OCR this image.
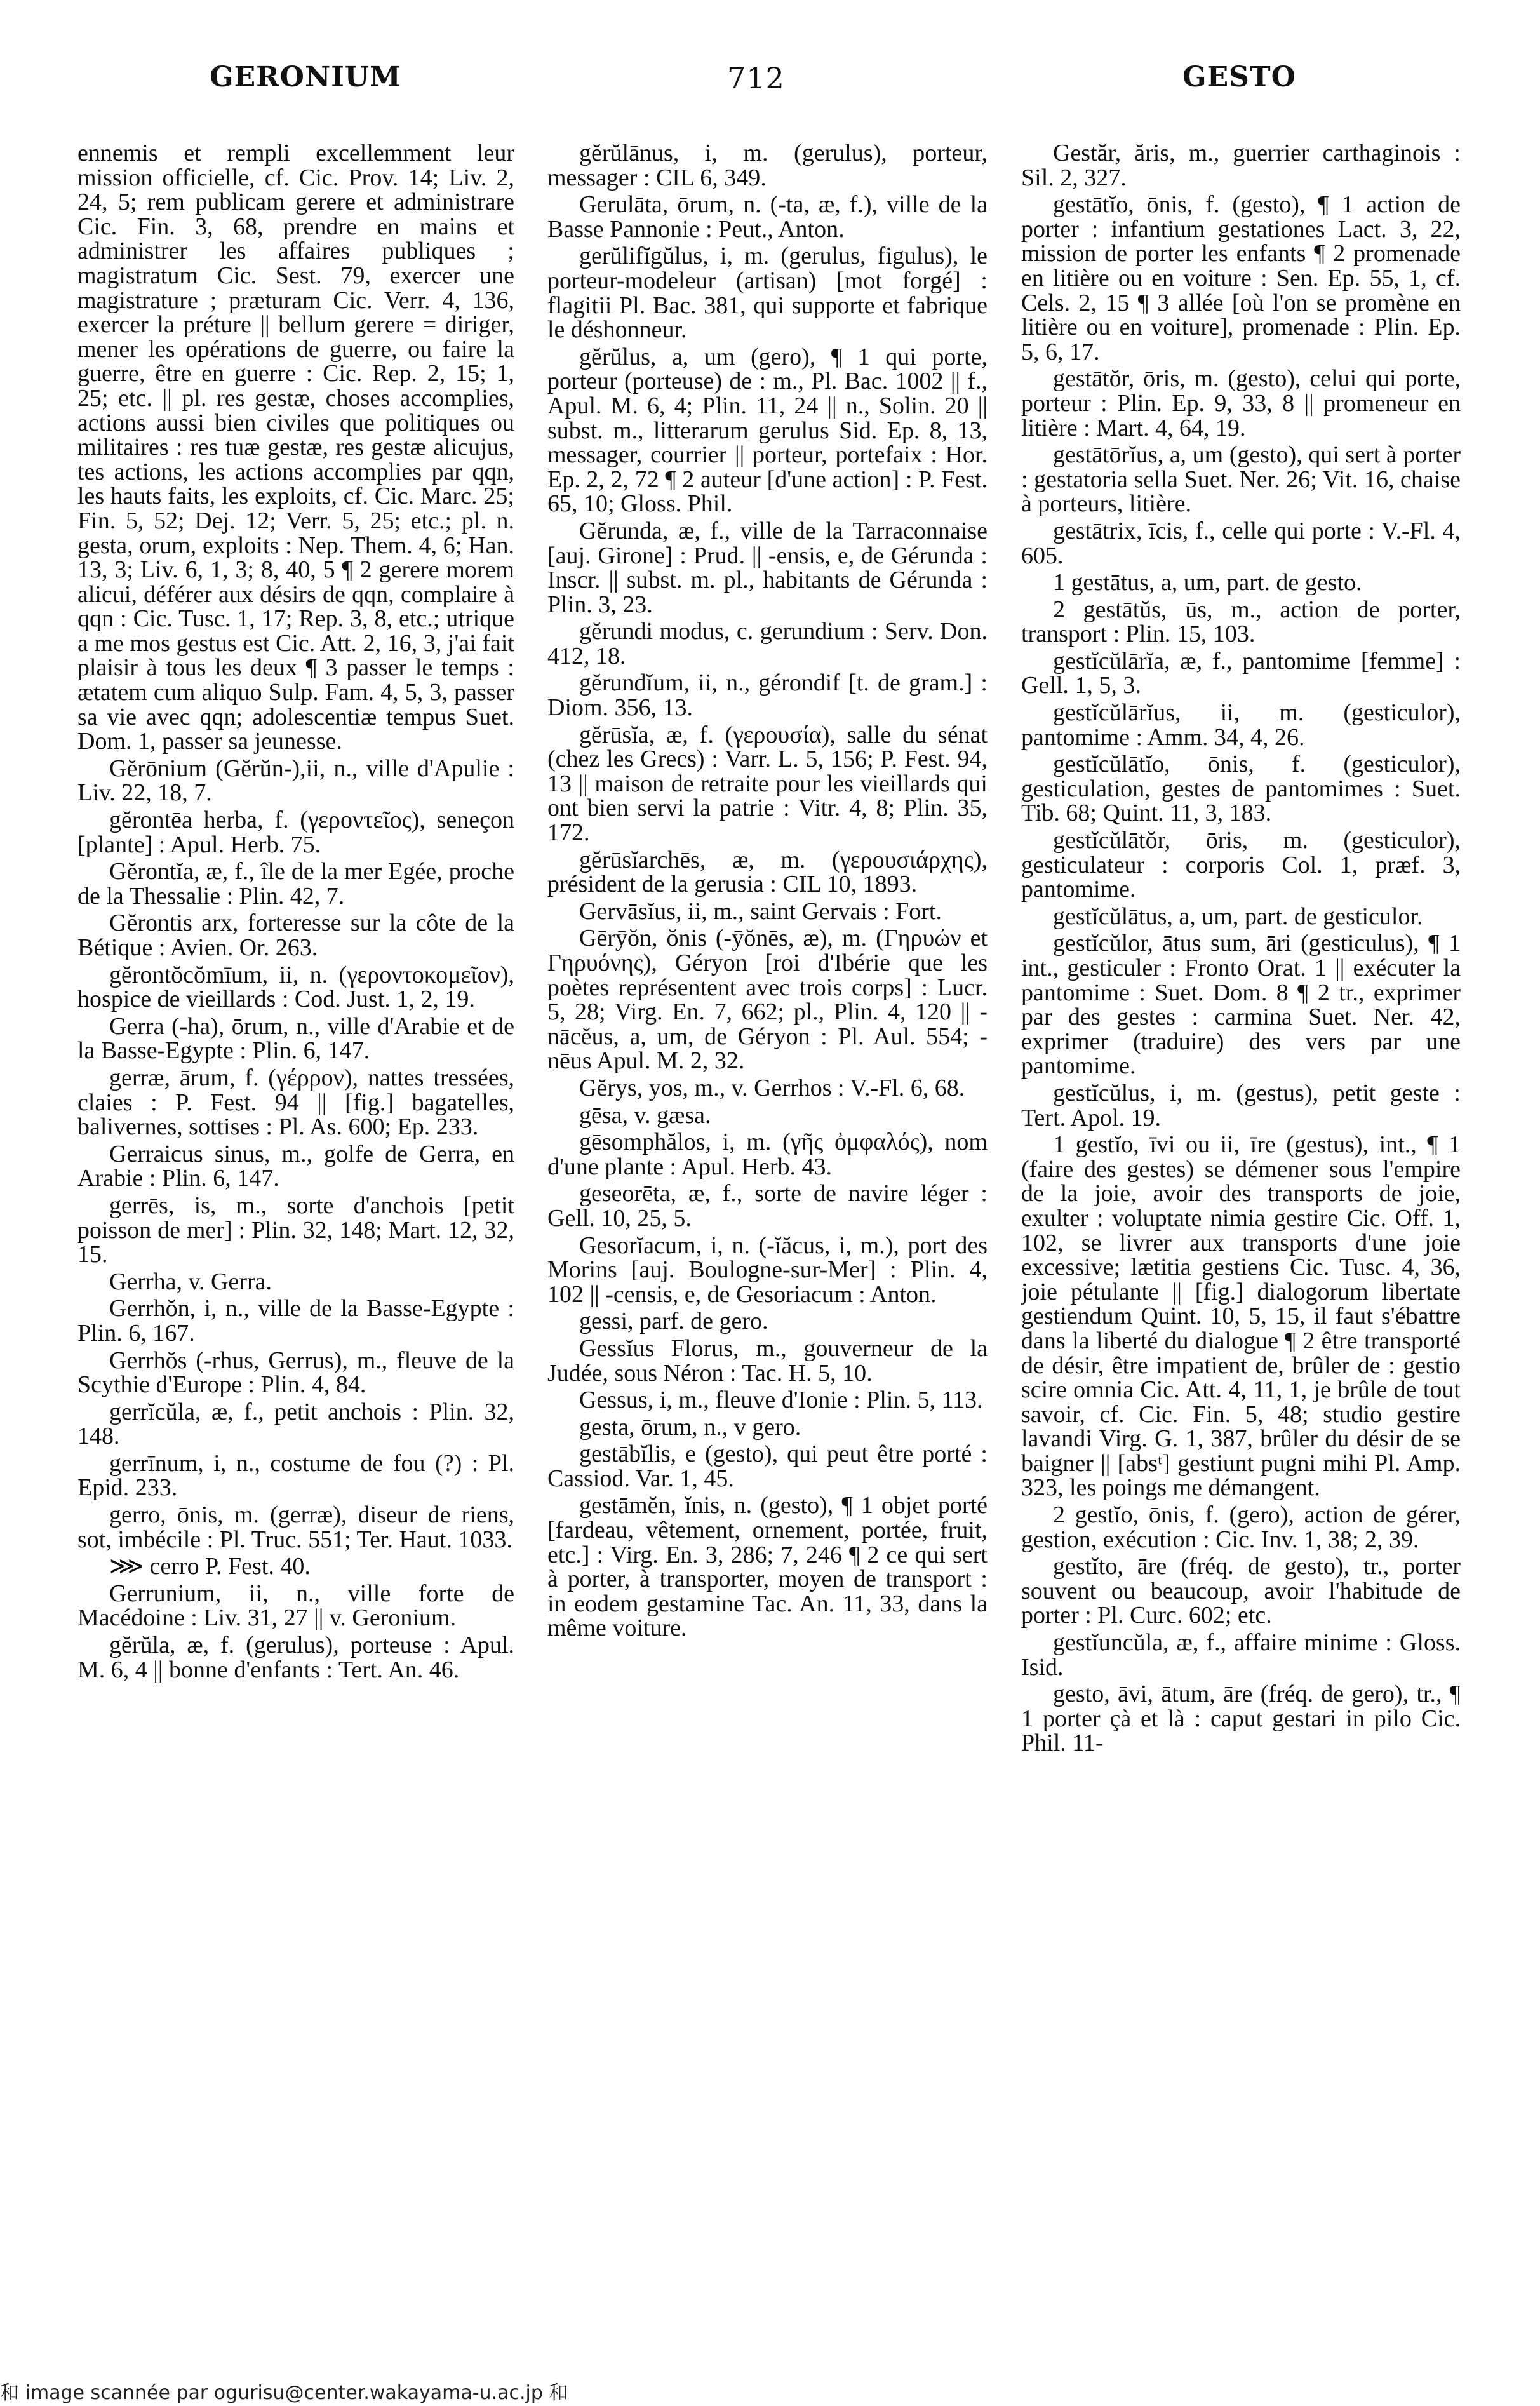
GERONIUM	712	GESTO

ennemis et rempli excellemment leur mission officielle, cf. Cic. Prov. 14; Liv. 2, 24, 5; rem publicam gerere et administrare Cic. Fin. 3, 68, prendre en mains et administrer les affaires publiques ; magistratum Cic. Sest. 79, exercer une magistrature ; præturam Cic. Verr. 4, 136, exercer la préture || bellum gerere = diriger, mener les opérations de guerre, ou faire la guerre, être en guerre : Cic. Rep. 2, 15; 1, 25; etc. || pl. res gestæ, choses accomplies, actions aussi bien civiles que politiques ou militaires : res tuæ gestæ, res gestæ alicujus, tes actions, les actions accomplies par qqn, les hauts faits, les exploits, cf. Cic. Marc. 25; Fin. 5, 52; Dej. 12; Verr. 5, 25; etc.; pl. n. gesta, orum, exploits : Nep. Them. 4, 6; Han. 13, 3; Liv. 6, 1, 3; 8, 40, 5 ¶ 2 gerere morem alicui, déférer aux désirs de qqn, complaire à qqn : Cic. Tusc. 1, 17; Rep. 3, 8, etc.; utrique a me mos gestus est Cic. Att. 2, 16, 3, j'ai fait plaisir à tous les deux ¶ 3 passer le temps : ætatem cum aliquo Sulp. Fam. 4, 5, 3, passer sa vie avec qqn; adolescentiæ tempus Suet. Dom. 1, passer sa jeunesse.

Gĕrōnium (Gĕrŭn-),ii, n., ville d'Apulie : Liv. 22, 18, 7.

gĕrontēa herba, f. (γεροντεῖος), seneçon [plante] : Apul. Herb. 75.

Gĕrontĭa, æ, f., île de la mer Egée, proche de la Thessalie : Plin. 42, 7.

Gĕrontis arx, forteresse sur la côte de la Bétique : Avien. Or. 263.

gĕrontŏcŏmīum, ii, n. (γεροντοκομεῖον), hospice de vieillards : Cod. Just. 1, 2, 19.

Gerra (-ha), ōrum, n., ville d'Arabie et de la Basse-Egypte : Plin. 6, 147.

gerræ, ārum, f. (γέρρον), nattes tressées, claies : P. Fest. 94 || [fig.] bagatelles, balivernes, sottises : Pl. As. 600; Ep. 233.

Gerraicus sinus, m., golfe de Gerra, en Arabie : Plin. 6, 147.

gerrēs, is, m., sorte d'anchois [petit poisson de mer] : Plin. 32, 148; Mart. 12, 32, 15.

Gerrha, v. Gerra.

Gerrhŏn, i, n., ville de la Basse-Egypte : Plin. 6, 167.

Gerrhŏs (-rhus, Gerrus), m., fleuve de la Scythie d'Europe : Plin. 4, 84.

gerrĭcŭla, æ, f., petit anchois : Plin. 32, 148.

gerrīnum, i, n., costume de fou (?) : Pl. Epid. 233.

gerro, ōnis, m. (gerræ), diseur de riens, sot, imbécile : Pl. Truc. 551; Ter. Haut. 1033.

⋙ cerro P. Fest. 40.

Gerrunium, ii, n., ville forte de Macédoine : Liv. 31, 27 || v. Geronium.

gĕrŭla, æ, f. (gerulus), porteuse : Apul. M. 6, 4 || bonne d'enfants : Tert. An. 46.

gĕrŭlānus, i, m. (gerulus), porteur, messager : CIL 6, 349.

Gerulāta, ōrum, n. (-ta, æ, f.), ville de la Basse Pannonie : Peut., Anton.

gerŭlifĭgŭlus, i, m. (gerulus, figulus), le porteur-modeleur (artisan) [mot forgé] : flagitii Pl. Bac. 381, qui supporte et fabrique le déshonneur.

gĕrŭlus, a, um (gero), ¶ 1 qui porte, porteur (porteuse) de : m., Pl. Bac. 1002 || f., Apul. M. 6, 4; Plin. 11, 24 || n., Solin. 20 || subst. m., litterarum gerulus Sid. Ep. 8, 13, messager, courrier || porteur, portefaix : Hor. Ep. 2, 2, 72 ¶ 2 auteur [d'une action] : P. Fest. 65, 10; Gloss. Phil.

Gĕrunda, æ, f., ville de la Tarraconnaise [auj. Girone] : Prud. || -ensis, e, de Gérunda : Inscr. || subst. m. pl., habitants de Gérunda : Plin. 3, 23.

gĕrundi modus, c. gerundium : Serv. Don. 412, 18.

gĕrundĭum, ii, n., gérondif [t. de gram.] : Diom. 356, 13.

gĕrūsĭa, æ, f. (γερουσία), salle du sénat (chez les Grecs) : Varr. L. 5, 156; P. Fest. 94, 13 || maison de retraite pour les vieillards qui ont bien servi la patrie : Vitr. 4, 8; Plin. 35, 172.

gĕrūsĭarchēs, æ, m. (γερουσιάρχης), président de la gerusia : CIL 10, 1893.

Gervāsĭus, ii, m., saint Gervais : Fort.

Gērȳŏn, ŏnis (-ȳŏnēs, æ), m. (Γηρυών et Γηρυόνης), Géryon [roi d'Ibérie que les poètes représentent avec trois corps] : Lucr. 5, 28; Virg. En. 7, 662; pl., Plin. 4, 120 || -nācĕus, a, um, de Géryon : Pl. Aul. 554; -nēus Apul. M. 2, 32.

Gĕrys, yos, m., v. Gerrhos : V.-Fl. 6, 68.

gēsa, v. gæsa.

gēsomphălos, i, m. (γῆς ὀμφαλός), nom d'une plante : Apul. Herb. 43.

geseorēta, æ, f., sorte de navire léger : Gell. 10, 25, 5.

Gesorĭacum, i, n. (-ĭăcus, i, m.), port des Morins [auj. Boulogne-sur-Mer] : Plin. 4, 102 || -censis, e, de Gesoriacum : Anton.

gessi, parf. de gero.

Gessĭus Florus, m., gouverneur de la Judée, sous Néron : Tac. H. 5, 10.

Gessus, i, m., fleuve d'Ionie : Plin. 5, 113.

gesta, ōrum, n., v gero.

gestābĭlis, e (gesto), qui peut être porté : Cassiod. Var. 1, 45.

gestāmĕn, ĭnis, n. (gesto), ¶ 1 objet porté [fardeau, vêtement, ornement, portée, fruit, etc.] : Virg. En. 3, 286; 7, 246 ¶ 2 ce qui sert à porter, à transporter, moyen de transport : in eodem gestamine Tac. An. 11, 33, dans la même voiture.

Gestăr, ăris, m., guerrier carthaginois : Sil. 2, 327.

gestātĭo, ōnis, f. (gesto), ¶ 1 action de porter : infantium gestationes Lact. 3, 22, mission de porter les enfants ¶ 2 promenade en litière ou en voiture : Sen. Ep. 55, 1, cf. Cels. 2, 15 ¶ 3 allée [où l'on se promène en litière ou en voiture], promenade : Plin. Ep. 5, 6, 17.

gestātŏr, ōris, m. (gesto), celui qui porte, porteur : Plin. Ep. 9, 33, 8 || promeneur en litière : Mart. 4, 64, 19.

gestātōrĭus, a, um (gesto), qui sert à porter : gestatoria sella Suet. Ner. 26; Vit. 16, chaise à porteurs, litière.

gestātrix, īcis, f., celle qui porte : V.-Fl. 4, 605.

1 gestātus, a, um, part. de gesto.

2 gestātŭs, ūs, m., action de porter, transport : Plin. 15, 103.

gestĭcŭlārĭa, æ, f., pantomime [femme] : Gell. 1, 5, 3.

gestĭcŭlārĭus, ii, m. (gesticulor), pantomime : Amm. 34, 4, 26.

gestĭcŭlātĭo, ōnis, f. (gesticulor), gesticulation, gestes de pantomimes : Suet. Tib. 68; Quint. 11, 3, 183.

gestĭcŭlātŏr, ōris, m. (gesticulor), gesticulateur : corporis Col. 1, præf. 3, pantomime.

gestĭcŭlātus, a, um, part. de gesticulor.

gestĭcŭlor, ātus sum, āri (gesticulus), ¶ 1 int., gesticuler : Fronto Orat. 1 || exécuter la pantomime : Suet. Dom. 8 ¶ 2 tr., exprimer par des gestes : carmina Suet. Ner. 42, exprimer (traduire) des vers par une pantomime.

gestĭcŭlus, i, m. (gestus), petit geste : Tert. Apol. 19.

1 gestĭo, īvi ou ii, īre (gestus), int., ¶ 1 (faire des gestes) se démener sous l'empire de la joie, avoir des transports de joie, exulter : voluptate nimia gestire Cic. Off. 1, 102, se livrer aux transports d'une joie excessive; lætitia gestiens Cic. Tusc. 4, 36, joie pétulante || [fig.] dialogorum libertate gestiendum Quint. 10, 5, 15, il faut s'ébattre dans la liberté du dialogue ¶ 2 être transporté de désir, être impatient de, brûler de : gestio scire omnia Cic. Att. 4, 11, 1, je brûle de tout savoir, cf. Cic. Fin. 5, 48; studio gestire lavandi Virg. G. 1, 387, brûler du désir de se baigner || [absᵗ] gestiunt pugni mihi Pl. Amp. 323, les poings me démangent.

2 gestĭo, ōnis, f. (gero), action de gérer, gestion, exécution : Cic. Inv. 1, 38; 2, 39.

gestĭto, āre (fréq. de gesto), tr., porter souvent ou beaucoup, avoir l'habitude de porter : Pl. Curc. 602; etc.

gestĭuncŭla, æ, f., affaire minime : Gloss. Isid.

gesto, āvi, ātum, āre (fréq. de gero), tr., ¶ 1 porter çà et là : caput gestari in pilo Cic. Phil. 11-

和 image scannée par ogurisu@center.wakayama-u.ac.jp 和
